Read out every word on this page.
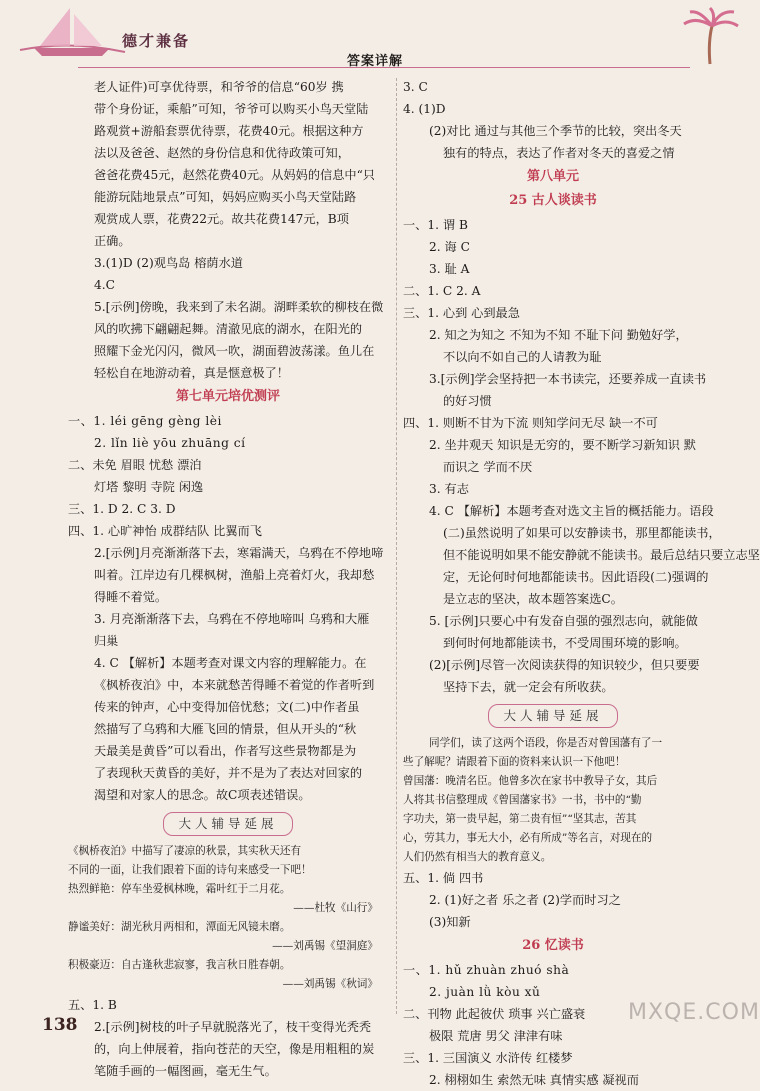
德才兼备
答案详解
老人证件)可享优待票，和爷爷的信息“60岁 携
带个身份证，乘船”可知，爷爷可以购买小鸟天堂陆
路观赏+游船套票优待票，花费40元。根据这种方
法以及爸爸、赵然的身份信息和优待政策可知，
爸爸花费45元，赵然花费40元。从妈妈的信息中“只
能游玩陆地景点”可知，妈妈应购买小鸟天堂陆路
观赏成人票，花费22元。故共花费147元，B项
正确。
3.(1)D (2)观鸟岛 榕荫水道
4.C
5.[示例]傍晚，我来到了未名湖。湖畔柔软的柳枝在微
风的吹拂下翩翩起舞。清澈见底的湖水，在阳光的
照耀下金光闪闪，微风一吹，湖面碧波荡漾。鱼儿在
轻松自在地游动着，真是惬意极了！
第七单元培优测评
一、1. léi gēng gèng lèi
2. lǐn liè yōu zhuāng cí
二、未免 眉眼 忧愁 漂泊
灯塔 黎明 寺院 闲逸
三、1. D 2. C 3. D
四、1. 心旷神怡 成群结队 比翼而飞
2.[示例]月亮渐渐落下去，寒霜满天，乌鸦在不停地啼
叫着。江岸边有几棵枫树，渔船上亮着灯火，我却愁
得睡不着觉。
3. 月亮渐渐落下去，乌鸦在不停地啼叫 乌鸦和大雁
归巢
4. C 【解析】本题考查对课文内容的理解能力。在
《枫桥夜泊》中，本来就愁苦得睡不着觉的作者听到
传来的钟声，心中变得加倍忧愁；文(二)中作者虽
然描写了乌鸦和大雁飞回的情景，但从开头的“秋
天最美是黄昏”可以看出，作者写这些景物都是为
了表现秋天黄昏的美好，并不是为了表达对回家的
渴望和对家人的思念。故C项表述错误。
大人辅导延展
《枫桥夜泊》中描写了凄凉的秋景，其实秋天还有
不同的一面，让我们跟着下面的诗句来感受一下吧！
热烈鲜艳：停车坐爱枫林晚，霜叶红于二月花。
——杜牧《山行》
静谧美好：湖光秋月两相和，潭面无风镜未磨。
——刘禹锡《望洞庭》
积极豪迈：自古逢秋悲寂寥，我言秋日胜春朝。
——刘禹锡《秋词》
五、1. B
2.[示例]树枝的叶子早就脱落光了，枝干变得光秃秃
的，向上伸展着，指向苍茫的天空，像是用粗粗的炭
笔随手画的一幅图画，毫无生气。
3. C
4. (1)D
(2)对比 通过与其他三个季节的比较，突出冬天
独有的特点，表达了作者对冬天的喜爱之情
第八单元
25 古人谈读书
一、1. 谓 B
2. 诲 C
3. 耻 A
二、1. C 2. A
三、1. 心到 心到最急
2. 知之为知之 不知为不知 不耻下问 勤勉好学，
不以向不如自己的人请教为耻
3.[示例]学会坚持把一本书读完，还要养成一直读书
的好习惯
四、1. 则断不甘为下流 则知学问无尽 缺一不可
2. 坐井观天 知识是无穷的，要不断学习新知识 默
而识之 学而不厌
3. 有志
4. C 【解析】本题考查对选文主旨的概括能力。语段
(二)虽然说明了如果可以安静读书，那里都能读书，
但不能说明如果不能安静就不能读书。最后总结只要立志坚
定，无论何时何地都能读书。因此语段(二)强调的
是立志的坚决，故本题答案选C。
5. [示例]只要心中有发奋自强的强烈志向，就能做
到何时何地都能读书，不受周围环境的影响。
(2)[示例]尽管一次阅读获得的知识较少，但只要要
坚持下去，就一定会有所收获。
大人辅导延展
同学们，读了这两个语段，你是否对曾国藩有了一
些了解呢？请跟着下面的资料来认识一下他吧！
曾国藩：晚清名臣。他曾多次在家书中教导子女，其后
人将其书信整理成《曾国藩家书》一书，书中的“勤
字功夫，第一贵早起，第二贵有恒”“坚其志，苦其
心，劳其力，事无大小，必有所成”等名言，对现在的
人们仍然有相当大的教育意义。
五、1. 倘 四书
2. (1)好之者 乐之者 (2)学而时习之
(3)知新
26 忆读书
一、1. hǔ zhuàn zhuó shà
2. juàn lǜ kòu xǔ
二、刊物 此起彼伏 琐事 兴亡盛衰
极限 荒唐 男父 津津有味
三、1. 三国演义 水浒传 红楼梦
2. 栩栩如生 索然无味 真情实感 凝视而
138	MXQE.COM
